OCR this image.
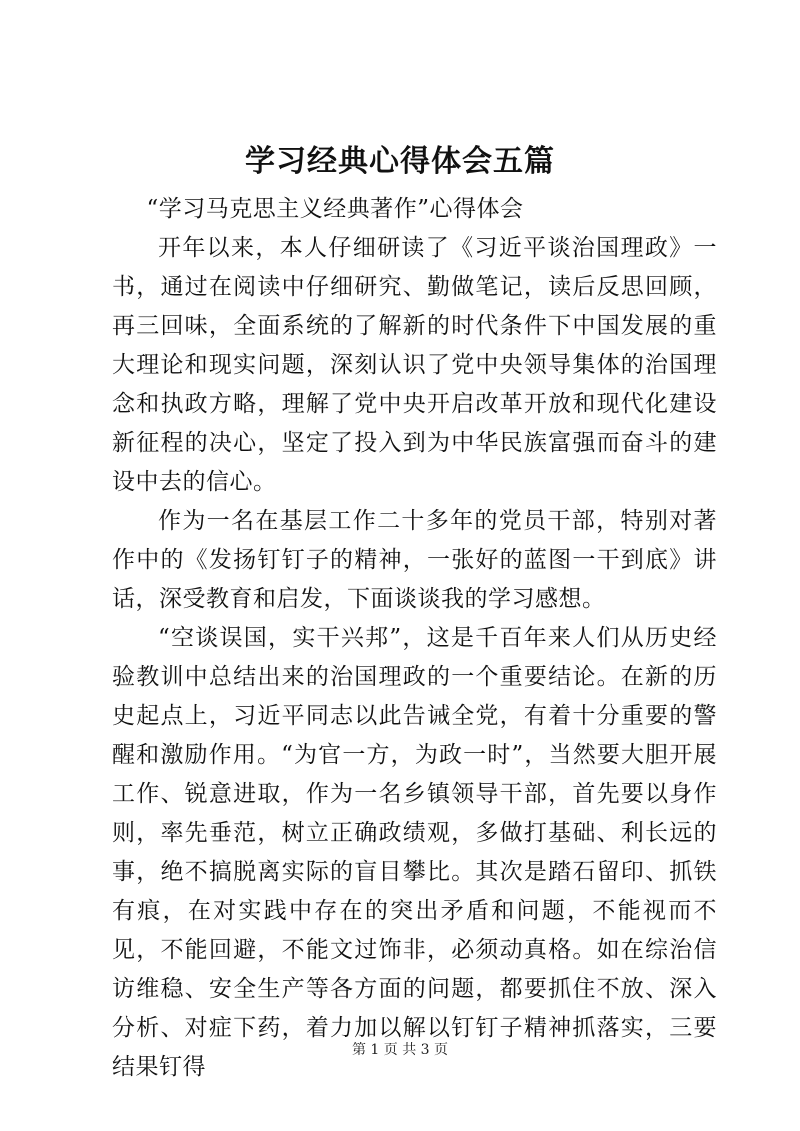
学习经典心得体会五篇

“学习马克思主义经典著作”心得体会

开年以来，本人仔细研读了《习近平谈治国理政》一书，通过在阅读中仔细研究、勤做笔记，读后反思回顾，再三回味，全面系统的了解新的时代条件下中国发展的重大理论和现实问题，深刻认识了党中央领导集体的治国理念和执政方略，理解了党中央开启改革开放和现代化建设新征程的决心，坚定了投入到为中华民族富强而奋斗的建设中去的信心。

作为一名在基层工作二十多年的党员干部，特别对著作中的《发扬钉钉子的精神，一张好的蓝图一干到底》讲话，深受教育和启发，下面谈谈我的学习感想。

“空谈误国，实干兴邦”，这是千百年来人们从历史经验教训中总结出来的治国理政的一个重要结论。在新的历史起点上，习近平同志以此告诫全党，有着十分重要的警醒和激励作用。“为官一方，为政一时”，当然要大胆开展工作、锐意进取，作为一名乡镇领导干部，首先要以身作则，率先垂范，树立正确政绩观，多做打基础、利长远的事，绝不搞脱离实际的盲目攀比。其次是踏石留印、抓铁有痕，在对实践中存在的突出矛盾和问题，不能视而不见，不能回避，不能文过饰非，必须动真格。如在综治信访维稳、安全生产等各方面的问题，都要抓住不放、深入分析、对症下药，着力加以解以钉钉子精神抓落实，三要结果钉得

第 1 页 共 3 页
